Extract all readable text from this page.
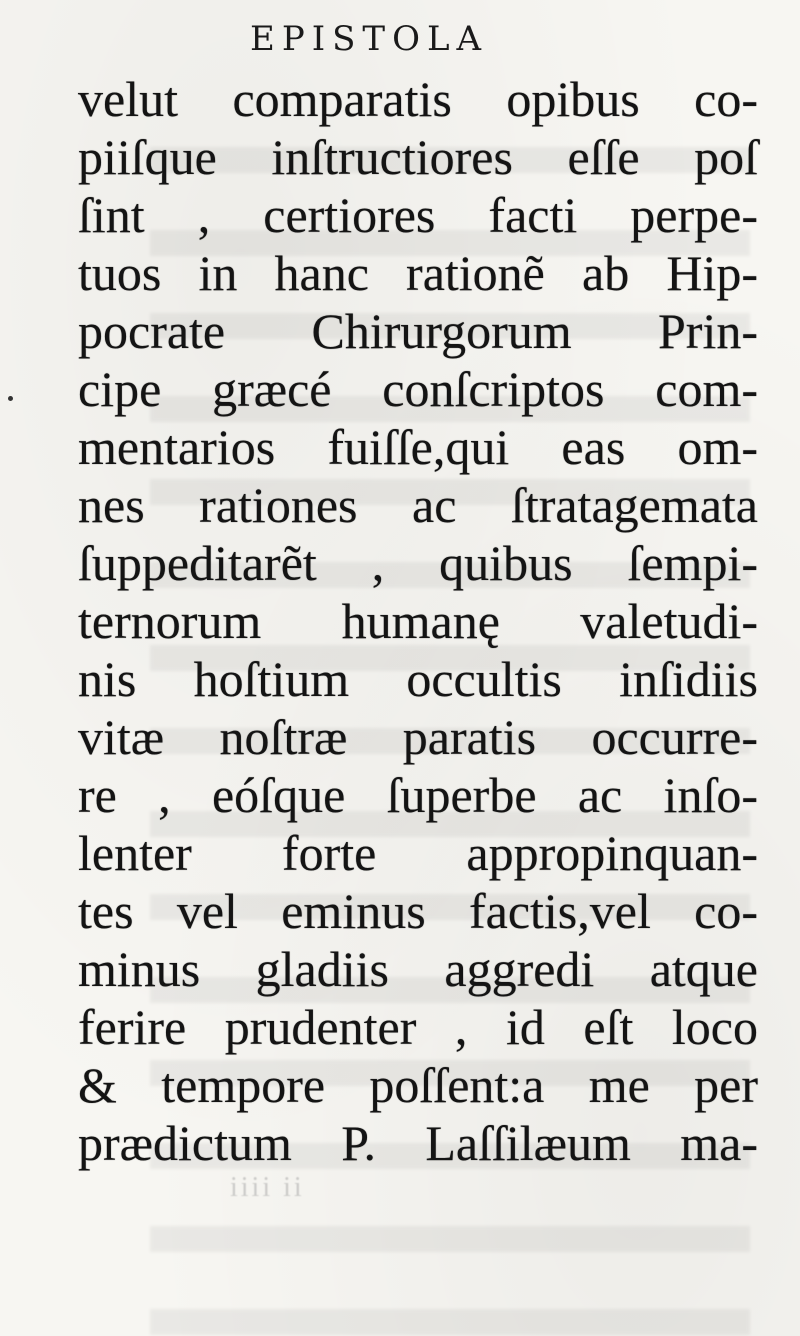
EPISTOLA
velut comparatis opibus co-
piiſque inſtructiores eſſe poſ
ſint , certiores facti perpe-
tuos in hanc rationẽ ab Hip-
pocrate Chirurgorum Prin-
cipe græcé conſcriptos com-
mentarios fuiſſe,qui eas om-
nes rationes ac ſtratagemata
ſuppeditarẽt , quibus ſempi-
ternorum humanę valetudi-
nis hoſtium occultis inſidiis
vitæ noſtræ paratis occurre-
re , eóſque ſuperbe ac inſo-
lenter forte appropinquan-
tes vel eminus factis,vel co-
minus gladiis aggredi atque
ferire prudenter , id eſt loco
& tempore poſſent:a me per
prædictum P. Laſſilæum ma-
iiii ii
